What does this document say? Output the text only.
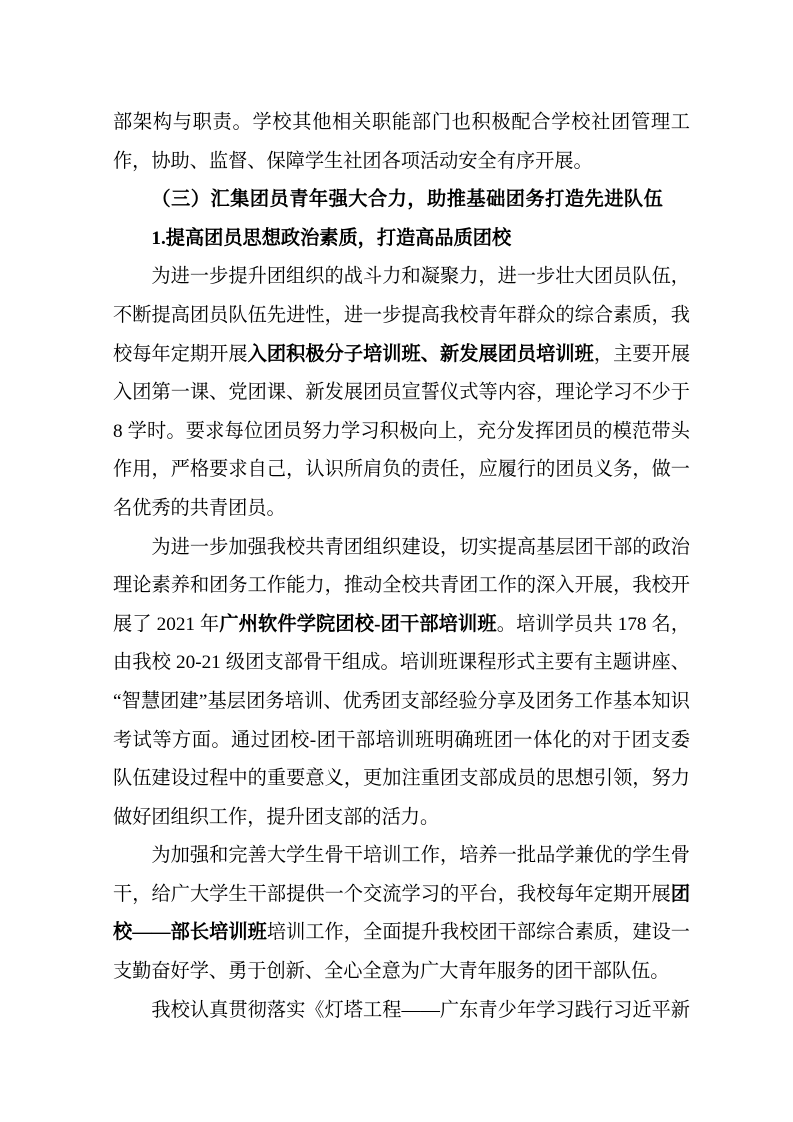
部架构与职责。学校其他相关职能部门也积极配合学校社团管理工作，协助、监督、保障学生社团各项活动安全有序开展。

（三）汇集团员青年强大合力，助推基础团务打造先进队伍

1.提高团员思想政治素质，打造高品质团校

为进一步提升团组织的战斗力和凝聚力，进一步壮大团员队伍，不断提高团员队伍先进性，进一步提高我校青年群众的综合素质，我校每年定期开展入团积极分子培训班、新发展团员培训班，主要开展入团第一课、党团课、新发展团员宣誓仪式等内容，理论学习不少于 8 学时。要求每位团员努力学习积极向上，充分发挥团员的模范带头作用，严格要求自己，认识所肩负的责任，应履行的团员义务，做一名优秀的共青团员。

为进一步加强我校共青团组织建设，切实提高基层团干部的政治理论素养和团务工作能力，推动全校共青团工作的深入开展，我校开展了 2021 年广州软件学院团校-团干部培训班。培训学员共 178 名，由我校 20-21 级团支部骨干组成。培训班课程形式主要有主题讲座、“智慧团建”基层团务培训、优秀团支部经验分享及团务工作基本知识考试等方面。通过团校-团干部培训班明确班团一体化的对于团支委队伍建设过程中的重要意义，更加注重团支部成员的思想引领，努力做好团组织工作，提升团支部的活力。

为加强和完善大学生骨干培训工作，培养一批品学兼优的学生骨干，给广大学生干部提供一个交流学习的平台，我校每年定期开展团校——部长培训班培训工作，全面提升我校团干部综合素质，建设一支勤奋好学、勇于创新、全心全意为广大青年服务的团干部队伍。

我校认真贯彻落实《灯塔工程——广东青少年学习践行习近平新
